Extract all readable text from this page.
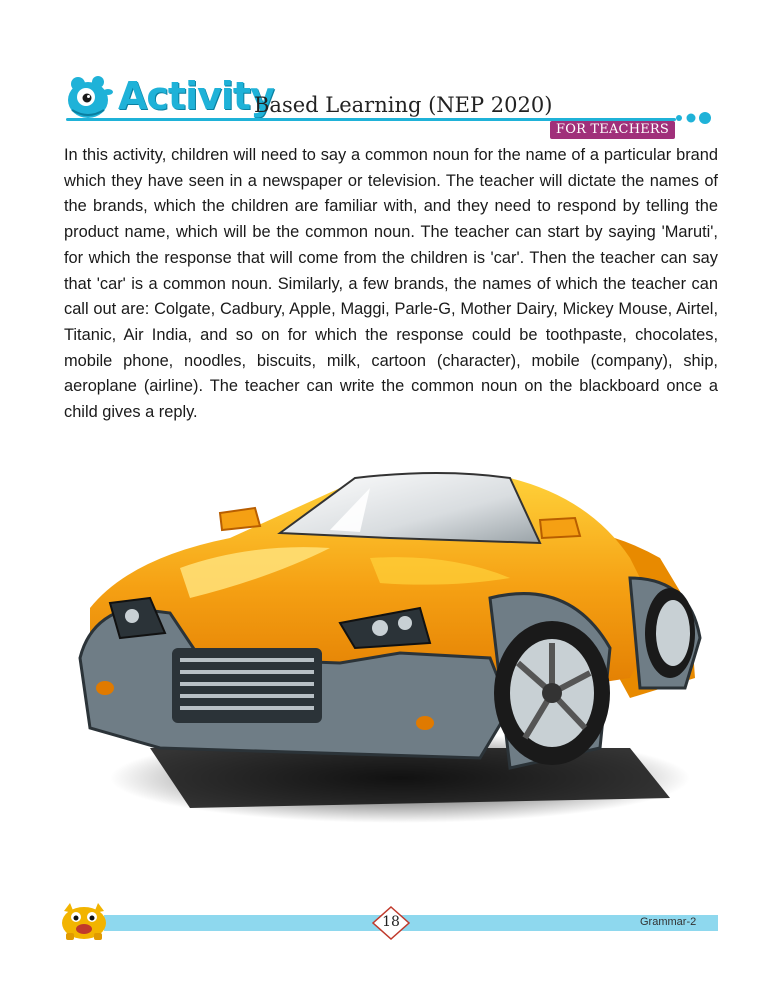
Activity
Based Learning (NEP 2020)
FOR TEACHERS

In this activity, children will need to say a common noun for the name of a particular brand which they have seen in a newspaper or television. The teacher will dictate the names of the brands, which the children are familiar with, and they need to respond by telling the product name, which will be the common noun. The teacher can start by saying 'Maruti', for which the response that will come from the children is 'car'. Then the teacher can say that 'car' is a common noun. Similarly, a few brands, the names of which the teacher can call out are: Colgate, Cadbury, Apple, Maggi, Parle-G, Mother Dairy, Mickey Mouse, Airtel, Titanic, Air India, and so on for which the response could be toothpaste, chocolates, mobile phone, noodles, biscuits, milk, cartoon (character), mobile (company), ship, aeroplane (airline). The teacher can write the common noun on the blackboard once a child gives a reply.

18	Grammar-2
